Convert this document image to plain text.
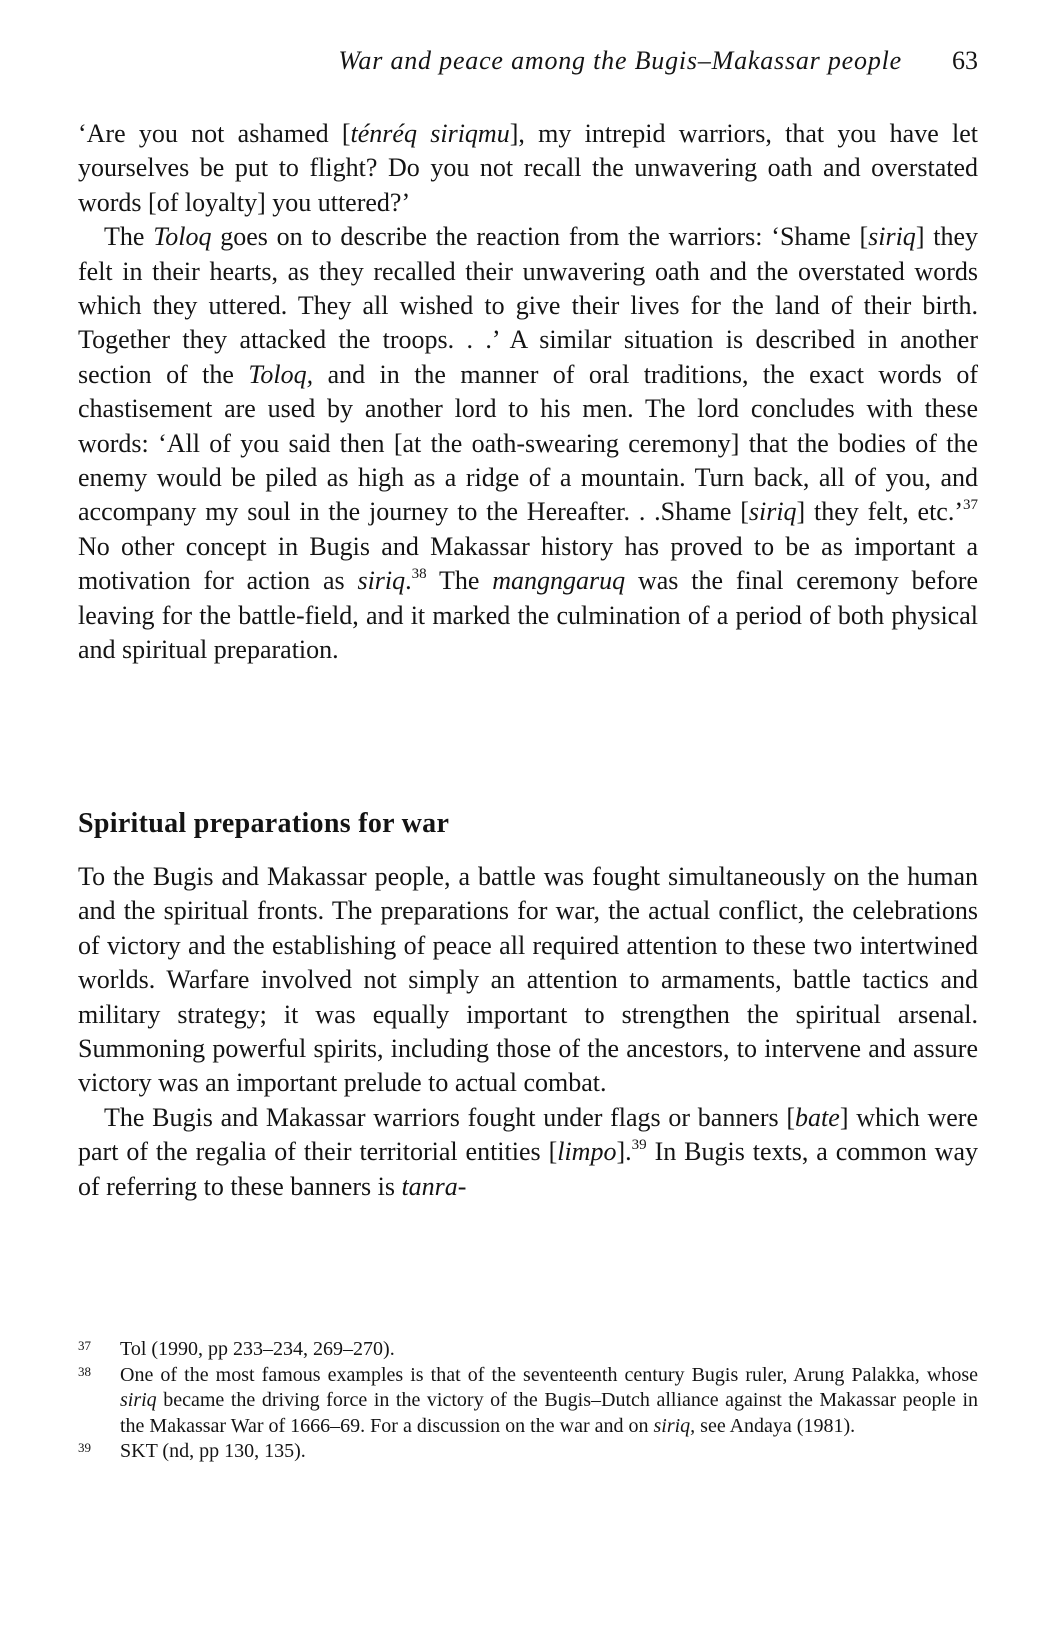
War and peace among the Bugis–Makassar people 63

‘Are you not ashamed [ténréq siriqmu], my intrepid warriors, that you have let yourselves be put to flight? Do you not recall the unwavering oath and overstated words [of loyalty] you uttered?’

The Toloq goes on to describe the reaction from the warriors: ‘Shame [siriq] they felt in their hearts, as they recalled their unwavering oath and the overstated words which they uttered. They all wished to give their lives for the land of their birth. Together they attacked the troops. . .’ A similar situation is described in another section of the Toloq, and in the manner of oral traditions, the exact words of chastisement are used by another lord to his men. The lord concludes with these words: ‘All of you said then [at the oath-swearing ceremony] that the bodies of the enemy would be piled as high as a ridge of a mountain. Turn back, all of you, and accompany my soul in the journey to the Hereafter. . .Shame [siriq] they felt, etc.’$^{37}$ No other concept in Bugis and Makassar history has proved to be as important a motivation for action as siriq.$^{38}$ The mangngaruq was the final ceremony before leaving for the battle-field, and it marked the culmination of a period of both physical and spiritual preparation.

Spiritual preparations for war

To the Bugis and Makassar people, a battle was fought simultaneously on the human and the spiritual fronts. The preparations for war, the actual conflict, the celebrations of victory and the establishing of peace all required attention to these two intertwined worlds. Warfare involved not simply an attention to armaments, battle tactics and military strategy; it was equally important to strengthen the spiritual arsenal. Summoning powerful spirits, including those of the ancestors, to intervene and assure victory was an important prelude to actual combat.

The Bugis and Makassar warriors fought under flags or banners [bate] which were part of the regalia of their territorial entities [limpo].$^{39}$ In Bugis texts, a common way of referring to these banners is tanra-

37 Tol (1990, pp 233–234, 269–270).
38 One of the most famous examples is that of the seventeenth century Bugis ruler, Arung Palakka, whose siriq became the driving force in the victory of the Bugis–Dutch alliance against the Makassar people in the Makassar War of 1666–69. For a discussion on the war and on siriq, see Andaya (1981).
39 SKT (nd, pp 130, 135).
